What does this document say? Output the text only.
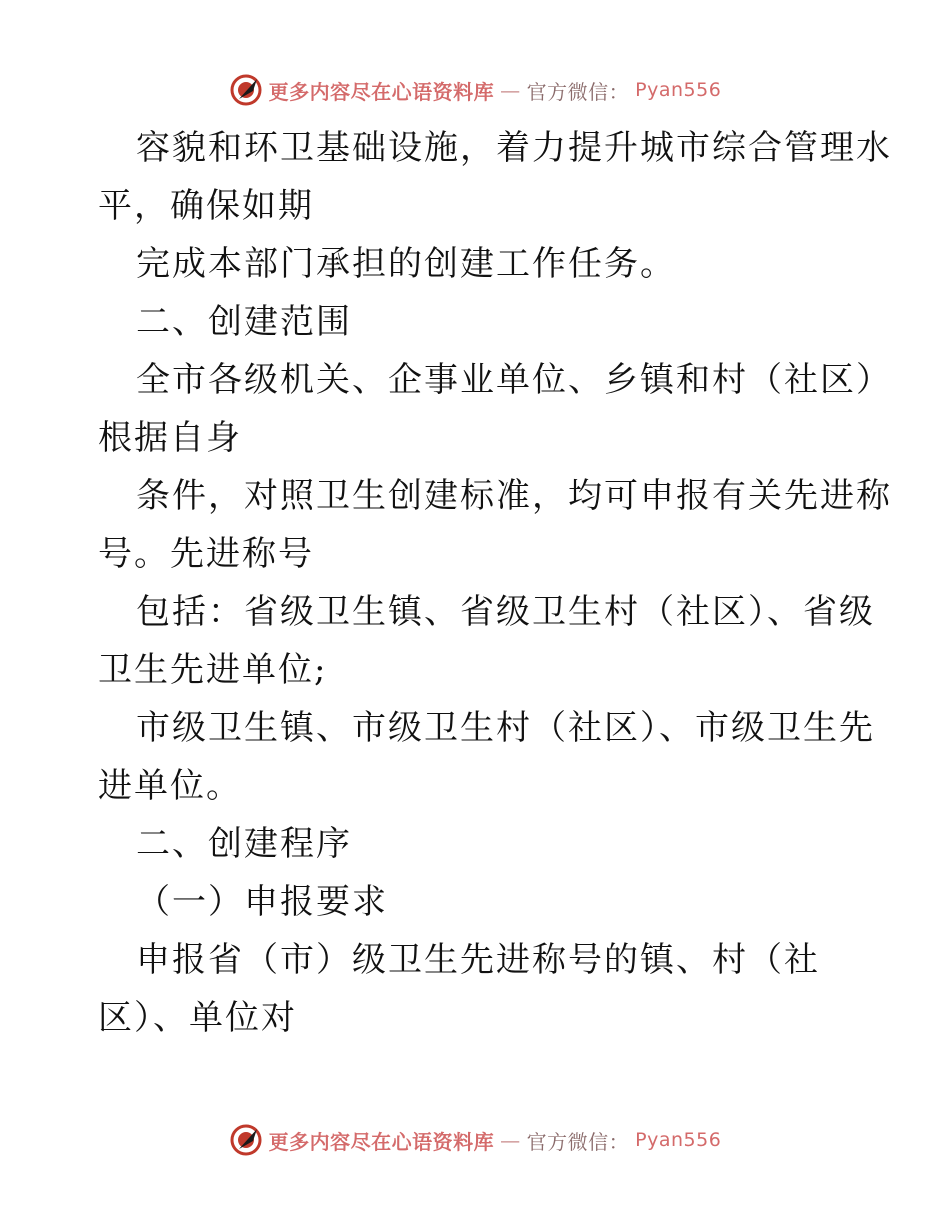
更多内容尽在心语资料库 — 官方微信： Pyan556
容貌和环卫基础设施，着力提升城市综合管理水
平，确保如期
完成本部门承担的创建工作任务。
二、创建范围
全市各级机关、企事业单位、乡镇和村（社区）
根据自身
条件，对照卫生创建标准，均可申报有关先进称
号。先进称号
包括：省级卫生镇、省级卫生村（社区）、省级
卫生先进单位;
市级卫生镇、市级卫生村（社区）、市级卫生先
进单位。
二、创建程序
（一）申报要求
申报省（市）级卫生先进称号的镇、村（社
区）、单位对
更多内容尽在心语资料库 — 官方微信： Pyan556
